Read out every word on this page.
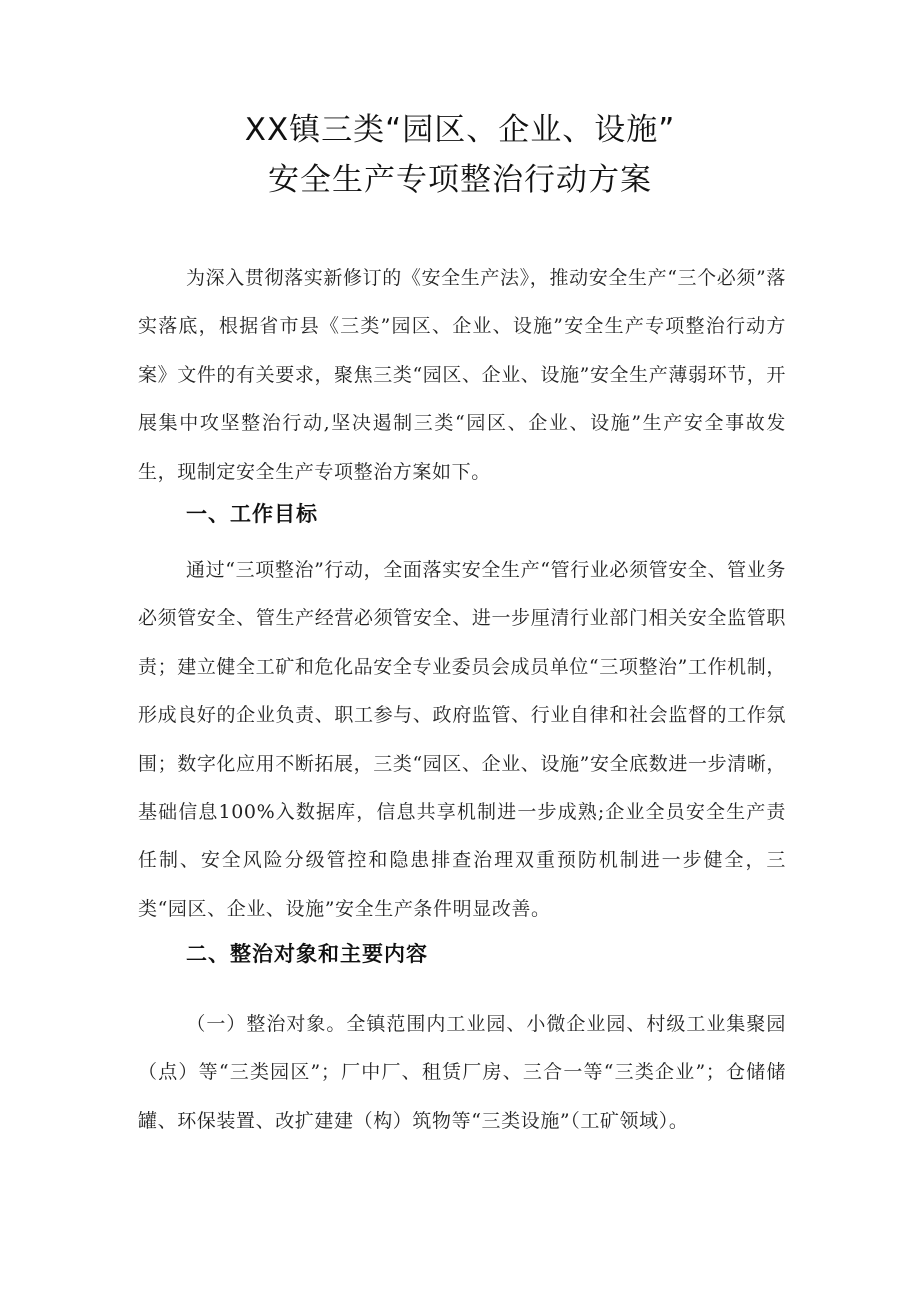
XX镇三类“园区、企业、设施”
安全生产专项整治行动方案
为深入贯彻落实新修订的《安全生产法》，推动安全生产“三个必须”落实落底，根据省市县《三类”园区、企业、设施”安全生产专项整治行动方案》文件的有关要求，聚焦三类“园区、企业、设施”安全生产薄弱环节，开展集中攻坚整治行动,坚决遏制三类“园区、企业、设施”生产安全事故发生，现制定安全生产专项整治方案如下。
一、工作目标
通过“三项整治”行动，全面落实安全生产“管行业必须管安全、管业务必须管安全、管生产经营必须管安全、进一步厘清行业部门相关安全监管职责；建立健全工矿和危化品安全专业委员会成员单位“三项整治”工作机制，形成良好的企业负责、职工参与、政府监管、行业自律和社会监督的工作氛围；数字化应用不断拓展，三类“园区、企业、设施”安全底数进一步清晰，基础信息100%入数据库，信息共享机制进一步成熟;企业全员安全生产责任制、安全风险分级管控和隐患排查治理双重预防机制进一步健全，三类“园区、企业、设施”安全生产条件明显改善。
二、整治对象和主要内容
（一）整治对象。全镇范围内工业园、小微企业园、村级工业集聚园（点）等“三类园区”；厂中厂、租赁厂房、三合一等“三类企业”；仓储储罐、环保装置、改扩建建（构）筑物等“三类设施”（工矿领域）。
